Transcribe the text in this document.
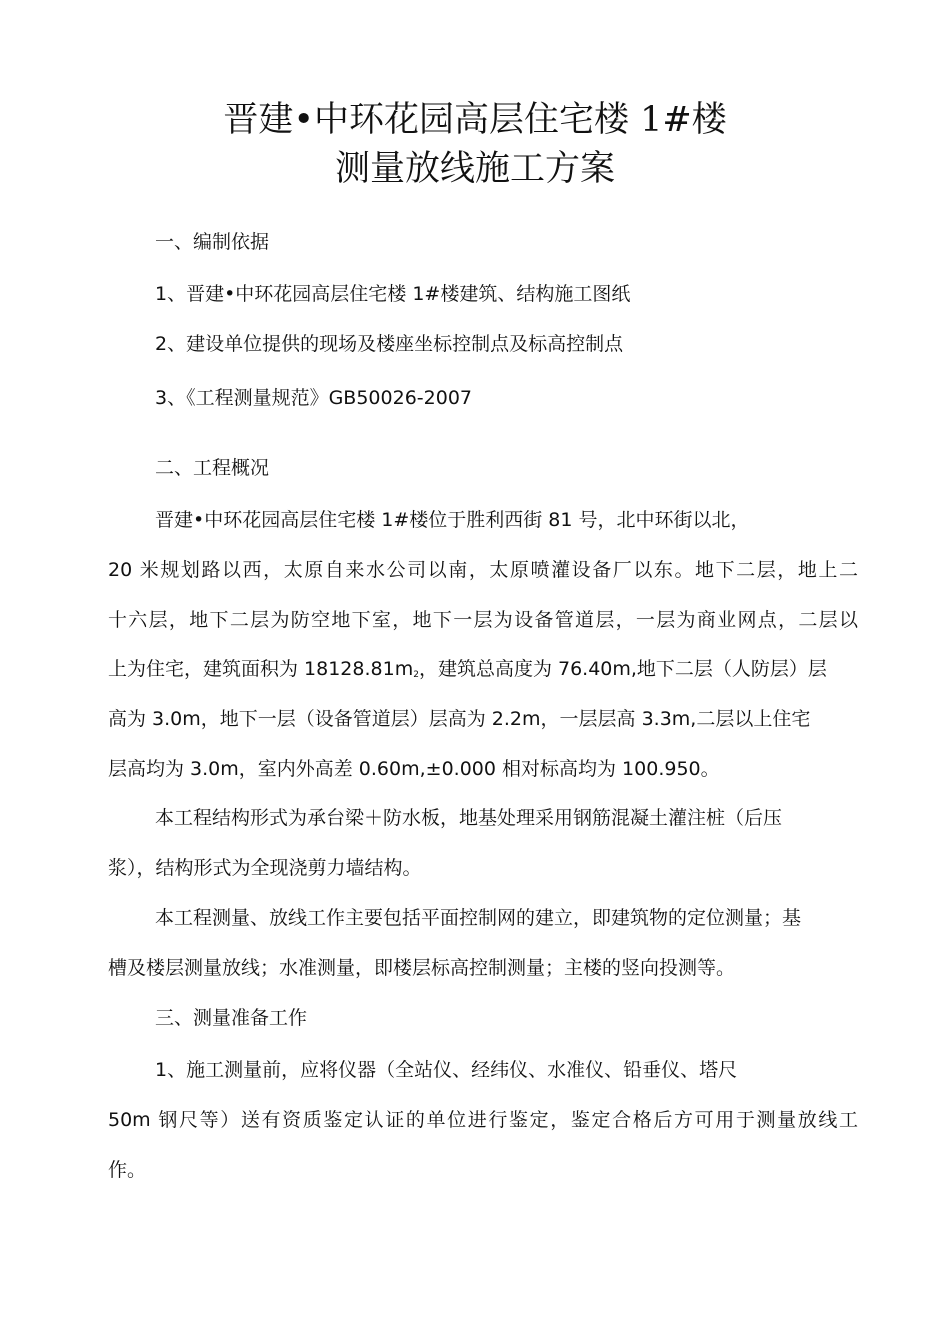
晋建•中环花园高层住宅楼 1#楼
测量放线施工方案
一、编制依据
1、晋建•中环花园高层住宅楼 1#楼建筑、结构施工图纸
2、建设单位提供的现场及楼座坐标控制点及标高控制点
3、《工程测量规范》GB50026-2007
二、工程概况
晋建•中环花园高层住宅楼 1#楼位于胜利西街 81 号，北中环街以北，
20 米规划路以西，太原自来水公司以南，太原喷灌设备厂以东。地下二层，地上二
十六层，地下二层为防空地下室，地下一层为设备管道层，一层为商业网点，二层以
上为住宅，建筑面积为 $18128.81m_2$，建筑总高度为 76.40m,地下二层（人防层）层
高为 3.0m，地下一层（设备管道层）层高为 2.2m，一层层高 3.3m,二层以上住宅
层高均为 3.0m，室内外高差 0.60m,±0.000 相对标高均为 100.950。
本工程结构形式为承台梁＋防水板，地基处理采用钢筋混凝土灌注桩（后压
浆），结构形式为全现浇剪力墙结构。
本工程测量、放线工作主要包括平面控制网的建立，即建筑物的定位测量；基
槽及楼层测量放线；水准测量，即楼层标高控制测量；主楼的竖向投测等。
三、测量准备工作
1、施工测量前，应将仪器（全站仪、经纬仪、水准仪、铅垂仪、塔尺
50m 钢尺等）送有资质鉴定认证的单位进行鉴定，鉴定合格后方可用于测量放线工
作。
